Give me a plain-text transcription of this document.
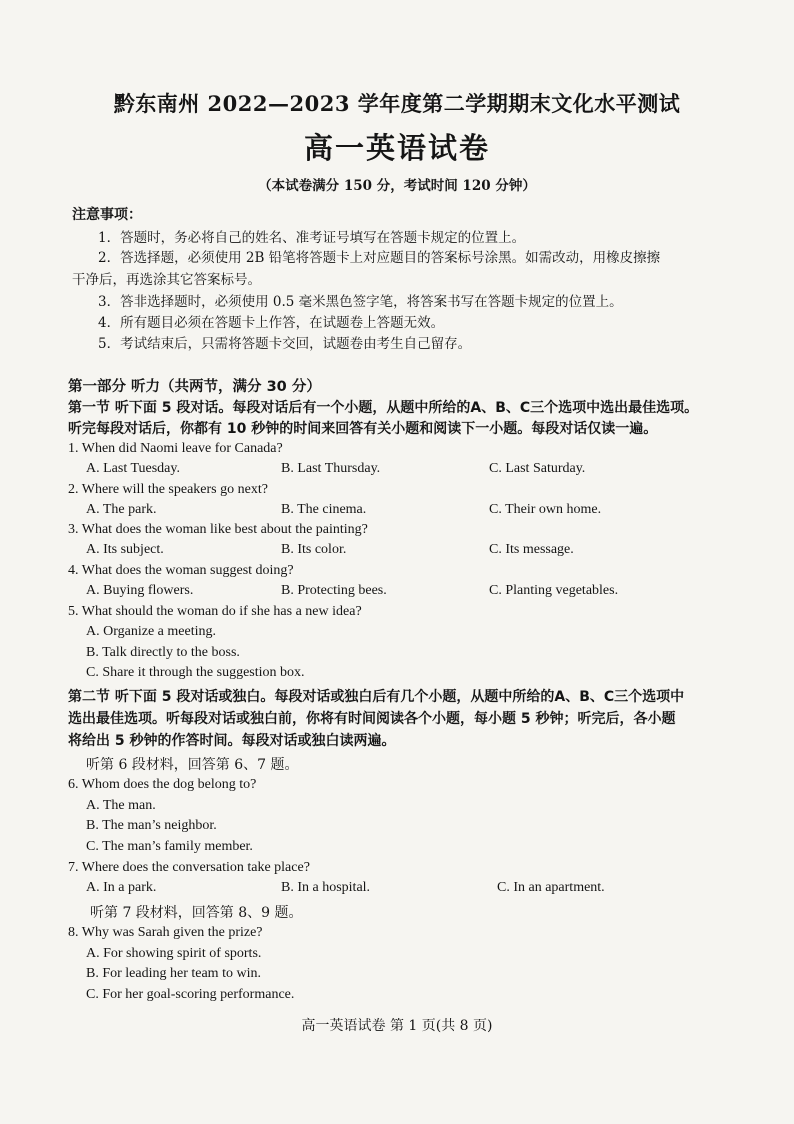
黔东南州 2022—2023 学年度第二学期期末文化水平测试
高一英语试卷
（本试卷满分 150 分，考试时间 120 分钟）
注意事项：
1．答题时，务必将自己的姓名、准考证号填写在答题卡规定的位置上。
2．答选择题，必须使用 2B 铅笔将答题卡上对应题目的答案标号涂黑。如需改动，用橡皮擦擦
干净后，再选涂其它答案标号。
3．答非选择题时，必须使用 0.5 毫米黑色签字笔，将答案书写在答题卡规定的位置上。
4．所有题目必须在答题卡上作答，在试题卷上答题无效。
5．考试结束后，只需将答题卡交回，试题卷由考生自己留存。
第一部分 听力（共两节，满分 30 分）
第一节 听下面 5 段对话。每段对话后有一个小题，从题中所给的A、B、C三个选项中选出最佳选项。
听完每段对话后，你都有 10 秒钟的时间来回答有关小题和阅读下一小题。每段对话仅读一遍。
1. When did Naomi leave for Canada?
A. Last Tuesday.	B. Last Thursday.	C. Last Saturday.
2. Where will the speakers go next?
A. The park.	B. The cinema.	C. Their own home.
3. What does the woman like best about the painting?
A. Its subject.	B. Its color.	C. Its message.
4. What does the woman suggest doing?
A. Buying flowers.	B. Protecting bees.	C. Planting vegetables.
5. What should the woman do if she has a new idea?
A. Organize a meeting.
B. Talk directly to the boss.
C. Share it through the suggestion box.
第二节 听下面 5 段对话或独白。每段对话或独白后有几个小题，从题中所给的A、B、C三个选项中
选出最佳选项。听每段对话或独白前，你将有时间阅读各个小题，每小题 5 秒钟；听完后，各小题
将给出 5 秒钟的作答时间。每段对话或独白读两遍。
听第 6 段材料，回答第 6、7 题。
6. Whom does the dog belong to?
A. The man.
B. The man’s neighbor.
C. The man’s family member.
7. Where does the conversation take place?
A. In a park.	B. In a hospital.	C. In an apartment.
听第 7 段材料，回答第 8、9 题。
8. Why was Sarah given the prize?
A. For showing spirit of sports.
B. For leading her team to win.
C. For her goal-scoring performance.
高一英语试卷 第 1 页(共 8 页)
